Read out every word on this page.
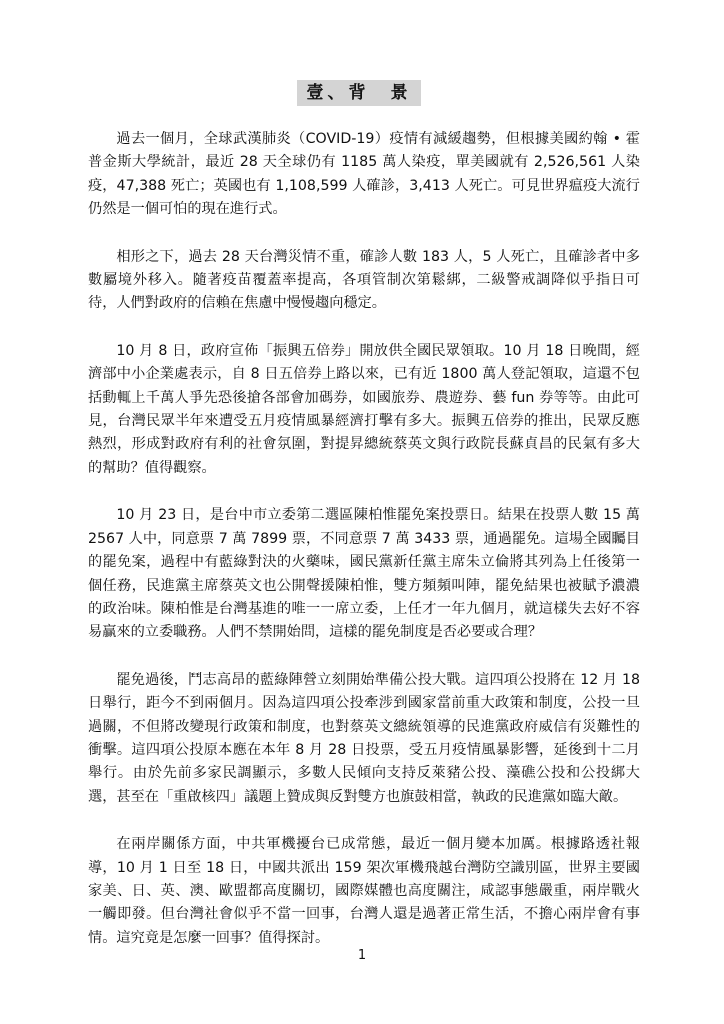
壹、背　景

過去一個月，全球武漢肺炎（COVID-19）疫情有減緩趨勢，但根據美國約翰 • 霍普金斯大學統計，最近 28 天全球仍有 1185 萬人染疫，單美國就有 2,526,561 人染疫，47,388 死亡；英國也有 1,108,599 人確診，3,413 人死亡。可見世界瘟疫大流行仍然是一個可怕的現在進行式。

相形之下，過去 28 天台灣災情不重，確診人數 183 人，5 人死亡，且確診者中多數屬境外移入。隨著疫苗覆蓋率提高，各項管制次第鬆綁，二級警戒調降似乎指日可待，人們對政府的信賴在焦慮中慢慢趨向穩定。

10 月 8 日，政府宣佈「振興五倍券」開放供全國民眾領取。10 月 18 日晚間，經濟部中小企業處表示，自 8 日五倍券上路以來，已有近 1800 萬人登記領取，這還不包括動輒上千萬人爭先恐後搶各部會加碼券，如國旅券、農遊券、藝 fun 券等等。由此可見，台灣民眾半年來遭受五月疫情風暴經濟打擊有多大。振興五倍券的推出，民眾反應熱烈，形成對政府有利的社會氛圍，對提昇總統蔡英文與行政院長蘇貞昌的民氣有多大的幫助？值得觀察。

10 月 23 日，是台中市立委第二選區陳柏惟罷免案投票日。結果在投票人數 15 萬 2567 人中，同意票 7 萬 7899 票，不同意票 7 萬 3433 票，通過罷免。這場全國矚目的罷免案，過程中有藍綠對決的火藥味，國民黨新任黨主席朱立倫將其列為上任後第一個任務，民進黨主席蔡英文也公開聲援陳柏惟，雙方頻頻叫陣，罷免結果也被賦予濃濃的政治味。陳柏惟是台灣基進的唯一一席立委，上任才一年九個月，就這樣失去好不容易贏來的立委職務。人們不禁開始問，這樣的罷免制度是否必要或合理？

罷免過後，鬥志高昂的藍綠陣營立刻開始準備公投大戰。這四項公投將在 12 月 18 日舉行，距今不到兩個月。因為這四項公投牽涉到國家當前重大政策和制度，公投一旦過關，不但將改變現行政策和制度，也對蔡英文總統領導的民進黨政府威信有災難性的衝擊。這四項公投原本應在本年 8 月 28 日投票，受五月疫情風暴影響，延後到十二月舉行。由於先前多家民調顯示，多數人民傾向支持反萊豬公投、藻礁公投和公投綁大選，甚至在「重啟核四」議題上贊成與反對雙方也旗鼓相當，執政的民進黨如臨大敵。

在兩岸關係方面，中共軍機擾台已成常態，最近一個月變本加厲。根據路透社報導，10 月 1 日至 18 日，中國共派出 159 架次軍機飛越台灣防空識別區，世界主要國家美、日、英、澳、歐盟都高度關切，國際媒體也高度關注，咸認事態嚴重，兩岸戰火一觸即發。但台灣社會似乎不當一回事，台灣人還是過著正常生活，不擔心兩岸會有事情。這究竟是怎麼一回事？值得探討。

1
